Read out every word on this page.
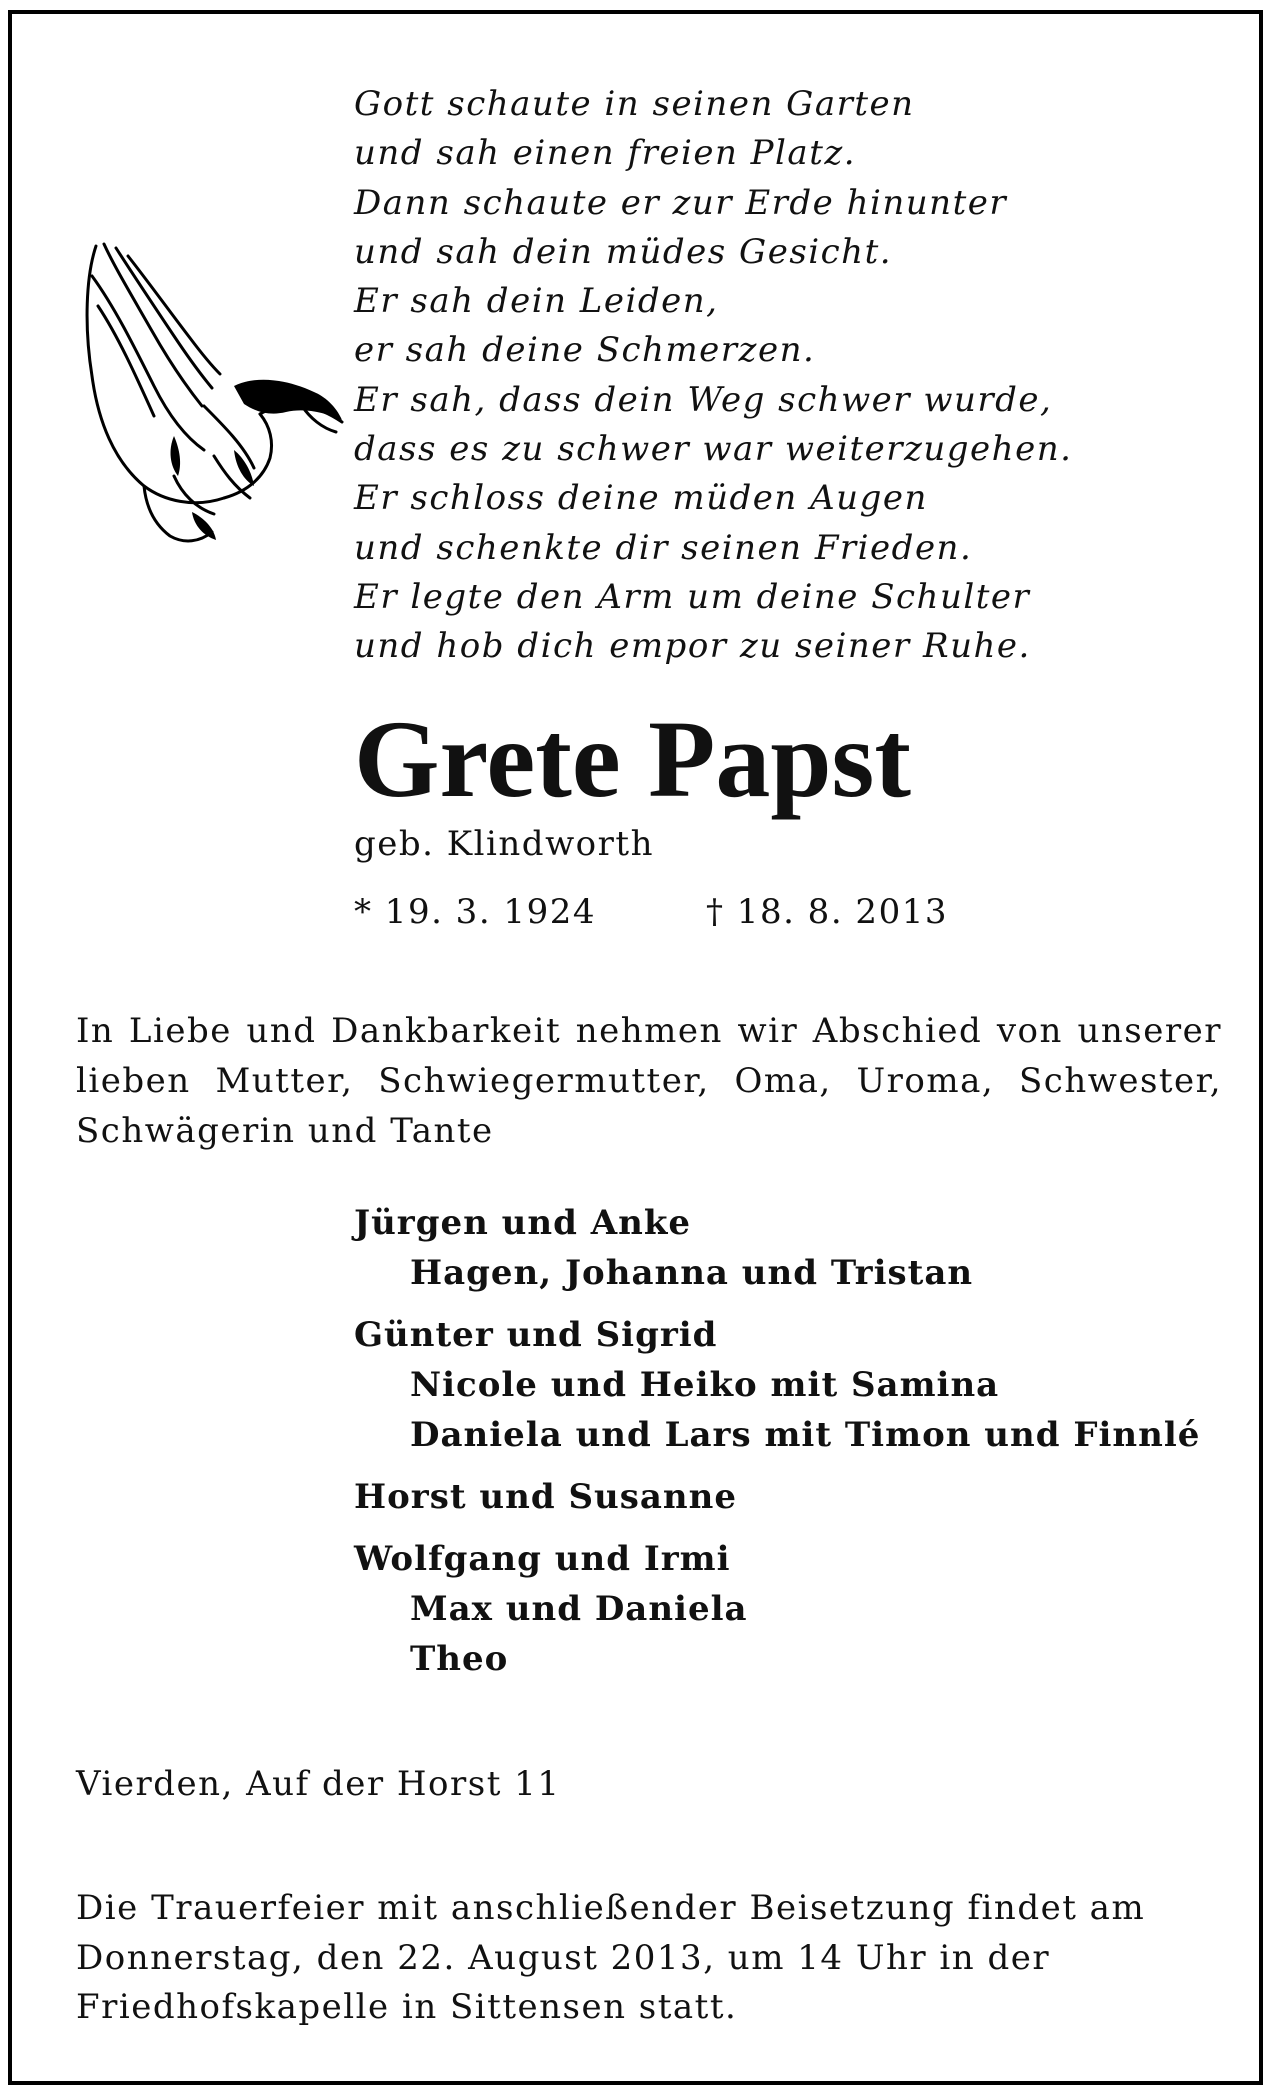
Gott schaute in seinen Garten
und sah einen freien Platz.
Dann schaute er zur Erde hinunter
und sah dein müdes Gesicht.
Er sah dein Leiden,
er sah deine Schmerzen.
Er sah, dass dein Weg schwer wurde,
dass es zu schwer war weiterzugehen.
Er schloss deine müden Augen
und schenkte dir seinen Frieden.
Er legte den Arm um deine Schulter
und hob dich empor zu seiner Ruhe.
Grete Papst
geb. Klindworth
* 19. 3. 1924	† 18. 8. 2013

In Liebe und Dankbarkeit nehmen wir Abschied von unserer lieben Mutter, Schwiegermutter, Oma, Uroma, Schwester, Schwägerin und Tante

Jürgen und Anke
Hagen, Johanna und Tristan
Günter und Sigrid
Nicole und Heiko mit Samina
Daniela und Lars mit Timon und Finnlé
Horst und Susanne
Wolfgang und Irmi
Max und Daniela
Theo
Vierden, Auf der Horst 11

Die Trauerfeier mit anschließender Beisetzung findet am
Donnerstag, den 22. August 2013, um 14 Uhr in der
Friedhofskapelle in Sittensen statt.
